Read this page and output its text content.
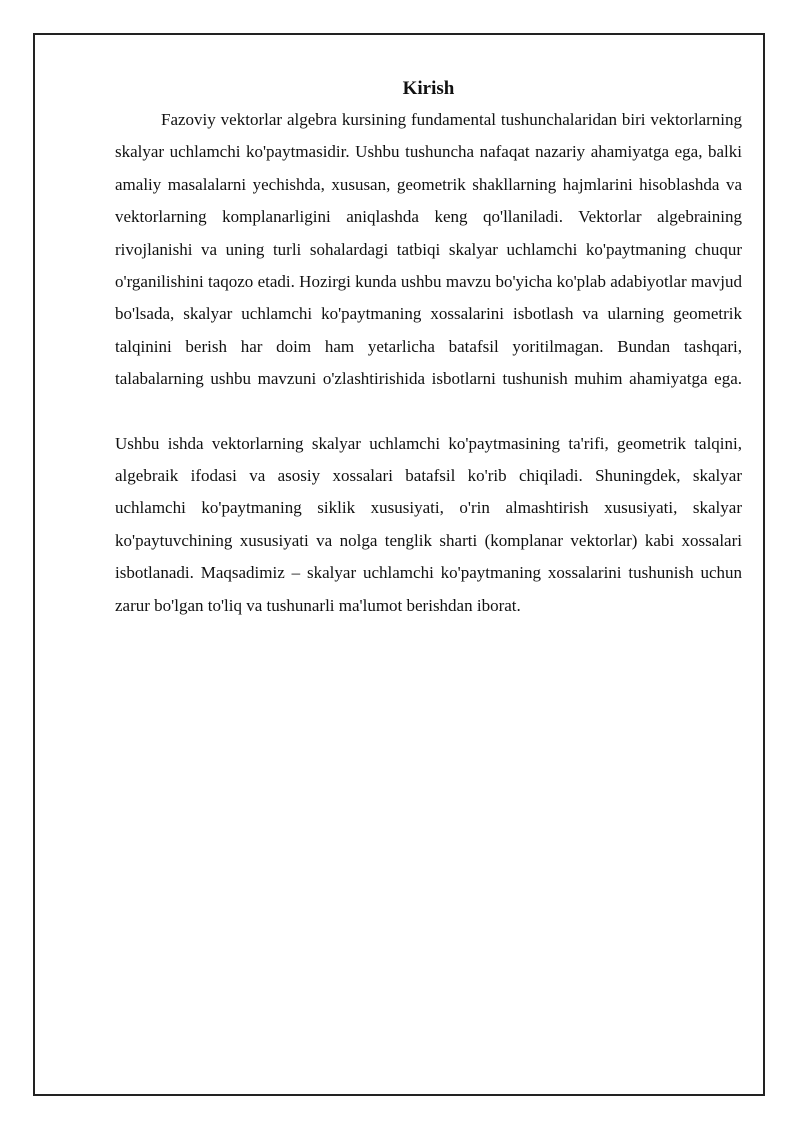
Kirish

Fazoviy vektorlar algebra kursining fundamental tushunchalaridan biri vektorlarning skalyar uchlamchi ko'paytmasidir. Ushbu tushuncha nafaqat nazariy ahamiyatga ega, balki amaliy masalalarni yechishda, xususan, geometrik shakllarning hajmlarini hisoblashda va vektorlarning komplanarligini aniqlashda keng qo'llaniladi. Vektorlar algebraining rivojlanishi va uning turli sohalardagi tatbiqi skalyar uchlamchi ko'paytmaning chuqur o'rganilishini taqozo etadi. Hozirgi kunda ushbu mavzu bo'yicha ko'plab adabiyotlar mavjud bo'lsada, skalyar uchlamchi ko'paytmaning xossalarini isbotlash va ularning geometrik talqinini berish har doim ham yetarlicha batafsil yoritilmagan. Bundan tashqari, talabalarning ushbu mavzuni o'zlashtirishida isbotlarni tushunish muhim ahamiyatga ega.

Ushbu ishda vektorlarning skalyar uchlamchi ko'paytmasining ta'rifi, geometrik talqini, algebraik ifodasi va asosiy xossalari batafsil ko'rib chiqiladi. Shuningdek, skalyar uchlamchi ko'paytmaning siklik xususiyati, o'rin almashtirish xususiyati, skalyar ko'paytuvchining xususiyati va nolga tenglik sharti (komplanar vektorlar) kabi xossalari isbotlanadi. Maqsadimiz – skalyar uchlamchi ko'paytmaning xossalarini tushunish uchun zarur bo'lgan to'liq va tushunarli ma'lumot berishdan iborat.
